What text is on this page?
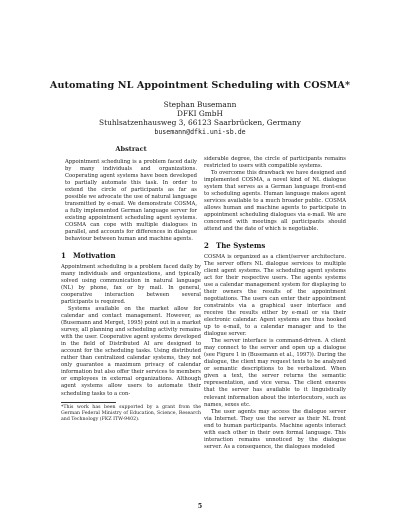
Automating NL Appointment Scheduling with COSMA*
Stephan Busemann
DFKI GmbH
Stuhlsatzenhausweg 3, 66123 Saarbrücken, Germany
busemann@dfki.uni-sb.de
Abstract

Appointment scheduling is a problem faced daily by many individuals and organizations. Cooperating agent systems have been developed to partially automate this task. In order to extend the circle of participants as far as possible we advocate the use of natural language transmitted by e-mail. We demonstrate COSMA, a fully implemented German language server for existing appointment scheduling agent systems. COSMA can cope with multiple dialogues in parallel, and accounts for differences in dialogue behaviour between human and machine agents.

1 Motivation

Appointment scheduling is a problem faced daily by many individuals and organizations, and typically solved using communication in natural language (NL) by phone, fax or by mail. In general, cooperative interaction between several participants is required.

Systems available on the market allow for calendar and contact management. However, as (Busemann and Merget, 1995) point out in a market survey, all planning and scheduling activity remains with the user. Cooperative agent systems developed in the field of Distributed AI are designed to account for the scheduling tasks. Using distributed rather than centralized calendar systems, they not only guarantee a maximum privacy of calendar information but also offer their services to members or employees in external organizations. Although agent systems allow users to automate their scheduling tasks to a con-

*This work has been supported by a grant from the German Federal Ministry of Education, Science, Research and Technology (FKZ ITW-9402).

siderable degree, the circle of participants remains restricted to users with compatible systems.

To overcome this drawback we have designed and implemented COSMA, a novel kind of NL dialogue system that serves as a German language front-end to scheduling agents. Human language makes agent services available to a much broader public. COSMA allows human and machine agents to participate in appointment scheduling dialogues via e-mail. We are concerned with meetings all participants should attend and the date of which is negotiable.

2 The Systems

COSMA is organized as a client/server architecture. The server offers NL dialogue services to multiple client agent systems. The scheduling agent systems act for their respective users. The agents systems use a calendar management system for displaying to their owners the results of the appointment negotiations. The users can enter their appointment constraints via a graphical user interface and receive the results either by e-mail or via their electronic calendar. Agent systems are thus hooked up to e-mail, to a calendar manager and to the dialogue server.

The server interface is command-driven. A client may connect to the server and open up a dialogue (see Figure 1 in (Busemann et al., 1997)). During the dialogue, the client may request texts to be analyzed or semantic descriptions to be verbalized. When given a text, the server returns the semantic representation, and vice versa. The client ensures that the server has available to it linguistically relevant information about the interlocutors, such as names, sexes etc.

The user agents may access the dialogue server via Internet. They use the server as their NL front end to human participants. Machine agents interact with each other in their own formal language. This interaction remains unnoticed by the dialogue server. As a consequence, the dialogues modeled

5
